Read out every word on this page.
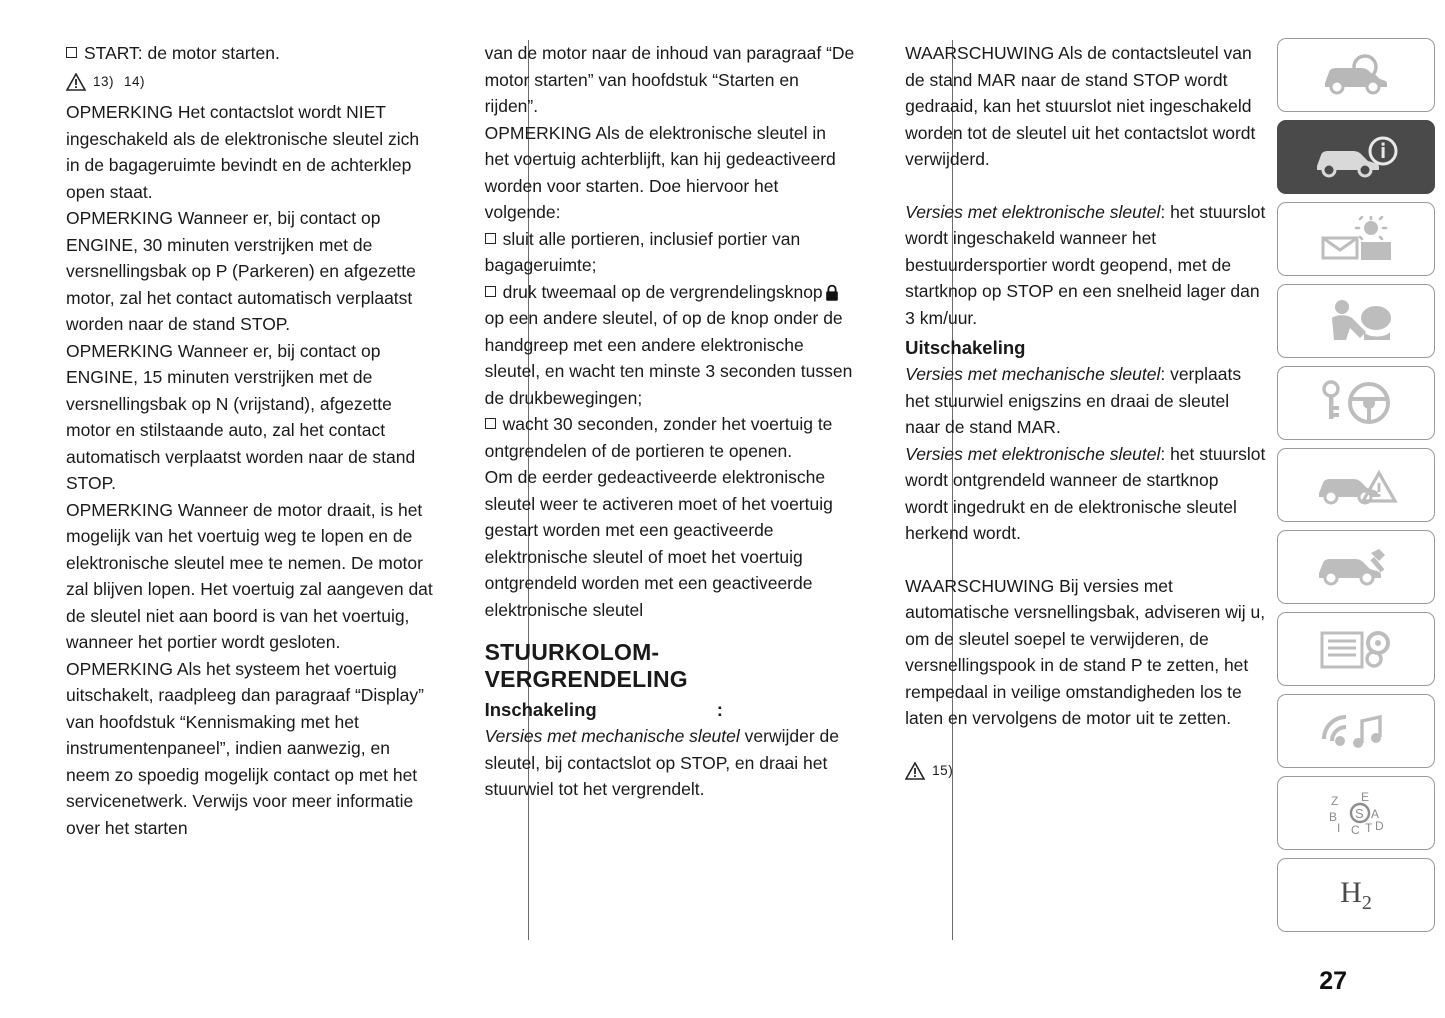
START: de motor starten.

13) 14)

OPMERKING Het contactslot wordt NIET ingeschakeld als de elektronische sleutel zich in de bagageruimte bevindt en de achterklep open staat.

OPMERKING Wanneer er, bij contact op ENGINE, 30 minuten verstrijken met de versnellingsbak op P (Parkeren) en afgezette motor, zal het contact automatisch verplaatst worden naar de stand STOP.

OPMERKING Wanneer er, bij contact op ENGINE, 15 minuten verstrijken met de versnellingsbak op N (vrijstand), afgezette motor en stilstaande auto, zal het contact automatisch verplaatst worden naar de stand STOP.

OPMERKING Wanneer de motor draait, is het mogelijk van het voertuig weg te lopen en de elektronische sleutel mee te nemen. De motor zal blijven lopen. Het voertuig zal aangeven dat de sleutel niet aan boord is van het voertuig, wanneer het portier wordt gesloten.

OPMERKING Als het systeem het voertuig uitschakelt, raadpleeg dan paragraaf “Display” van hoofdstuk “Kennismaking met het instrumentenpaneel”, indien aanwezig, en neem zo spoedig mogelijk contact op met het servicenetwerk. Verwijs voor meer informatie over het starten

van de motor naar de inhoud van paragraaf “De motor starten” van hoofdstuk “Starten en rijden”.

OPMERKING Als de elektronische sleutel in het voertuig achterblijft, kan hij gedeactiveerd worden voor starten. Doe hiervoor het volgende:

sluit alle portieren, inclusief portier van bagageruimte;

druk tweemaal op de vergrendelingsknopop een andere sleutel, of op de knop onder de handgreep met een andere elektronische sleutel, en wacht ten minste 3 seconden tussen de drukbewegingen;

wacht 30 seconden, zonder het voertuig te ontgrendelen of de portieren te openen.

Om de eerder gedeactiveerde elektronische sleutel weer te activeren moet of het voertuig gestart worden met een geactiveerde elektronische sleutel of moet het voertuig ontgrendeld worden met een geactiveerde elektronische sleutel

STUURKOLOM-VERGRENDELING
Inschakeling	:

Versies met mechanische sleutel verwijder de sleutel, bij contactslot op STOP, en draai het stuurwiel tot het vergrendelt.

WAARSCHUWING Als de contactsleutel van de stand MAR naar de stand STOP wordt gedraaid, kan het stuurslot niet ingeschakeld worden tot de sleutel uit het contactslot wordt verwijderd.

Versies met elektronische sleutel: het stuurslot wordt ingeschakeld wanneer het bestuurdersportier wordt geopend, met de startknop op STOP en een snelheid lager dan 3 km/uur.

Uitschakeling

Versies met mechanische sleutel: verplaats het stuurwiel enigszins en draai de sleutel naar de stand MAR.

Versies met elektronische sleutel: het stuurslot wordt ontgrendeld wanneer de startknop wordt ingedrukt en de elektronische sleutel herkend wordt.

WAARSCHUWING Bij versies met automatische versnellingsbak, adviseren wij u, om de sleutel soepel te verwijderen, de versnellingspook in de stand P te zetten, het rempedaal in veilige omstandigheden los te laten en vervolgens de motor uit te zetten.

15)
Z E
B	A
I C T D
S
$H_2$
27
